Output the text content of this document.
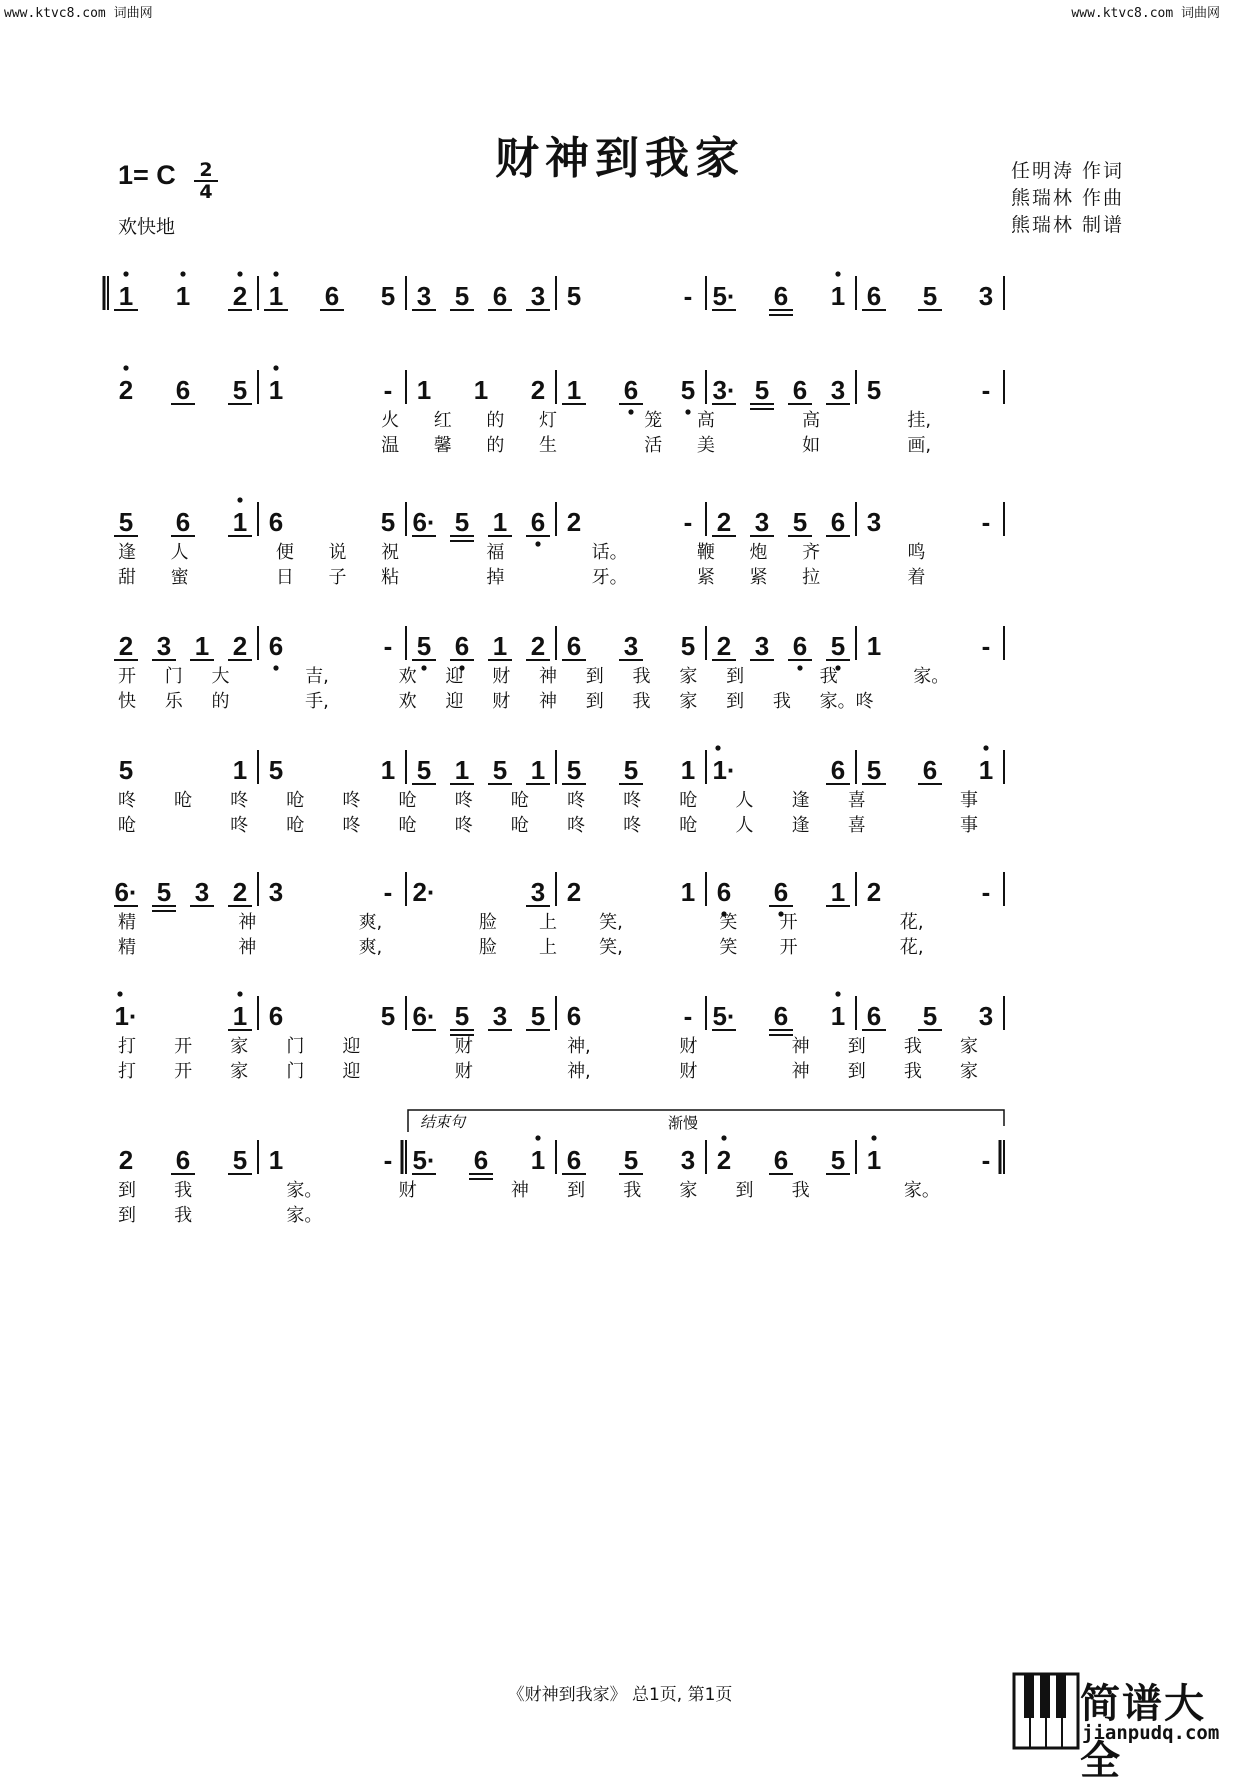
www.ktvc8.com 词曲网	www.ktvc8.com 词曲网
财神到我家
1= C 2
4
欢快地
任明涛 作词
熊瑞林 作曲
熊瑞林 制谱
1 1 2 1 6 5 3 5 6 3 5	- 5· 6 1 6 5 3
2 6 5 1	- 1 1 2 1 6 5 3· 5 6 3 5	-
火 红 的 灯	笼 高	高	挂,
温 馨 的 生	活 美	如	画,
5 6 1 6	5 6· 5 1 6 2	- 2 3 5 6 3	-
逢 人	便 说 祝	福	话。	鞭 炮 齐	鸣
甜 蜜	日 子 粘	掉	牙。	紧 紧 拉	着
2 3 1 2 6	- 5 6 1 2 6 3 5 2 3 6 5 1	-
开 门 大	吉,	欢 迎 财 神 到 我 家 到	我	家。
快 乐 的	手,	欢 迎 财 神 到 我 家 到 我 家。咚
5	1 5	1 5 1 5 1 5 5 1 1·	6 5 6 1
咚 呛 咚 呛 咚 呛 咚 呛 咚 咚 呛 人 逢 喜	事
呛	咚 呛 咚 呛 咚 呛 咚 咚 呛 人 逢 喜	事
6· 5 3 2 3	- 2·	3 2	1 6 6 1 2	-
精	神	爽,	脸 上 笑,	笑 开	花,
精	神	爽,	脸 上 笑,	笑 开	花,
1·	1 6	5 6· 5 3 5 6	- 5· 6 1 6 5 3
打 开 家 门 迎	财	神,	财	神 到 我 家
打 开 家 门 迎	财	神,	财	神 到 我 家
2 6 5 1	- 5· 6 1 6 5 3 2 6 5 1	-
到 我	家。	财	神 到 我 家 到 我	家。
到 我	家。
结束句	渐慢
《财神到我家》 总1页, 第1页	简谱大全
jianpudq.com
